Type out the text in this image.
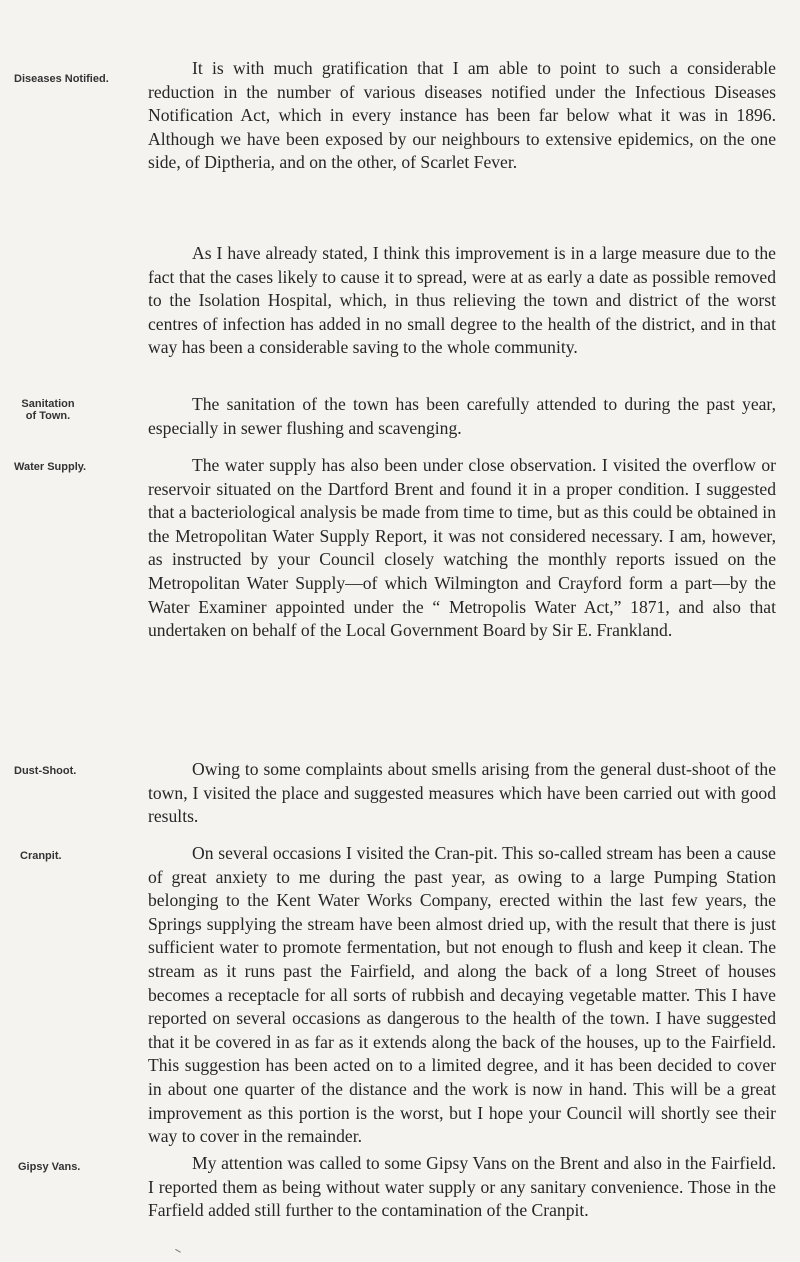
Diseases Notified.

It is with much gratification that I am able to point to such a considerable reduction in the number of various diseases notified under the Infectious Diseases Notification Act, which in every instance has been far below what it was in 1896. Although we have been exposed by our neighbours to extensive epidemics, on the one side, of Diptheria, and on the other, of Scarlet Fever.

As I have already stated, I think this improvement is in a large measure due to the fact that the cases likely to cause it to spread, were at as early a date as possible removed to the Isolation Hospital, which, in thus relieving the town and district of the worst centres of infection has added in no small degree to the health of the district, and in that way has been a considerable saving to the whole community.

Sanitation of Town.

The sanitation of the town has been carefully attended to during the past year, especially in sewer flushing and scavenging.

Water Supply.	The water supply has also been under close observation. I visited the overflow or reservoir situated on the Dartford Brent and found it in a proper condition. I suggested that a bacteriological analysis be made from time to time, but as this could be obtained in the Metropolitan Water Supply Report, it was not considered necessary. I am, however, as instructed by your Council closely watching the monthly reports issued on the Metropolitan Water Supply—of which Wilmington and Crayford form a part—by the Water Examiner appointed under the “ Metropolis Water Act,” 1871, and also that undertaken on behalf of the Local Government Board by Sir E. Frankland.

Dust-Shoot.	Owing to some complaints about smells arising from the general dust-shoot of the town, I visited the place and suggested measures which have been carried out with good results.

Cranpit.	On several occasions I visited the Cran-pit. This so-called stream has been a cause of great anxiety to me during the past year, as owing to a large Pumping Station belonging to the Kent Water Works Company, erected within the last few years, the Springs supplying the stream have been almost dried up, with the result that there is just sufficient water to promote fermentation, but not enough to flush and keep it clean. The stream as it runs past the Fairfield, and along the back of a long Street of houses becomes a receptacle for all sorts of rubbish and decaying vegetable matter. This I have reported on several occasions as dangerous to the health of the town. I have suggested that it be covered in as far as it extends along the back of the houses, up to the Fairfield. This suggestion has been acted on to a limited degree, and it has been decided to cover in about one quarter of the distance and the work is now in hand. This will be a great improvement as this portion is the worst, but I hope your Council will shortly see their way to cover in the remainder.

Gipsy Vans.	My attention was called to some Gipsy Vans on the Brent and also in the Fairfield. I reported them as being without water supply or any sanitary convenience. Those in the Farfield added still further to the contamination of the Cranpit.
